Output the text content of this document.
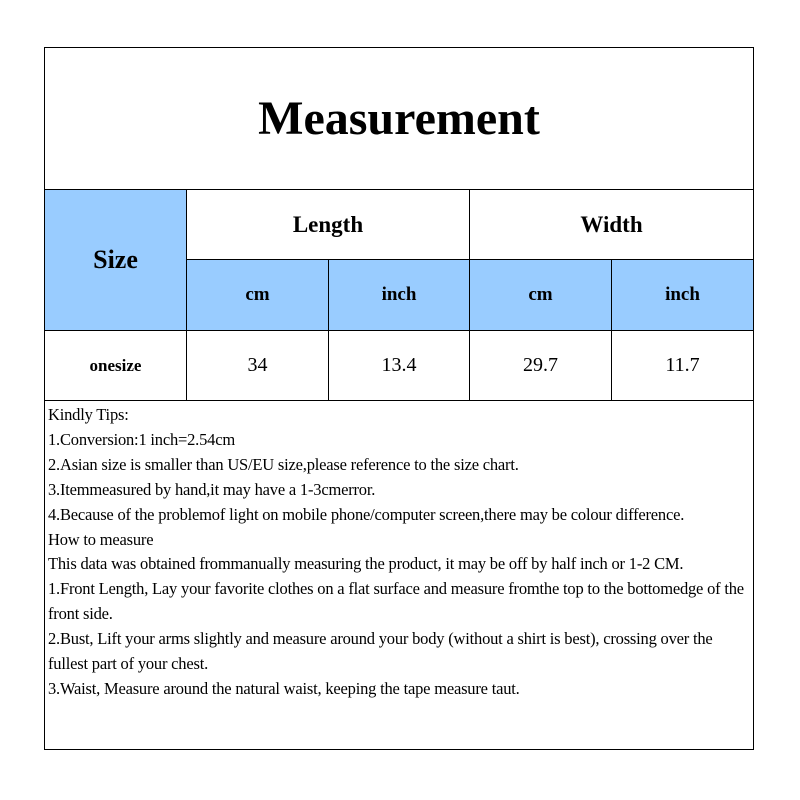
Measurement
Size
Length	Width
cm	inch	cm	inch
onesize	34	13.4	29.7	11.7
Kindly Tips:
1.Conversion:1 inch=2.54cm
2.Asian size is smaller than US/EU size,please reference to the size chart.
3.Itemmeasured by hand,it may have a 1-3cmerror.
4.Because of the problemof light on mobile phone/computer screen,there may be colour difference.
How to measure
This data was obtained frommanually measuring the product, it may be off by half inch or 1-2 CM.
1.Front Length, Lay your favorite clothes on a flat surface and measure fromthe top to the bottomedge of the front side.
2.Bust, Lift your arms slightly and measure around your body (without a shirt is best), crossing over the fullest part of your chest.
3.Waist, Measure around the natural waist, keeping the tape measure taut.
